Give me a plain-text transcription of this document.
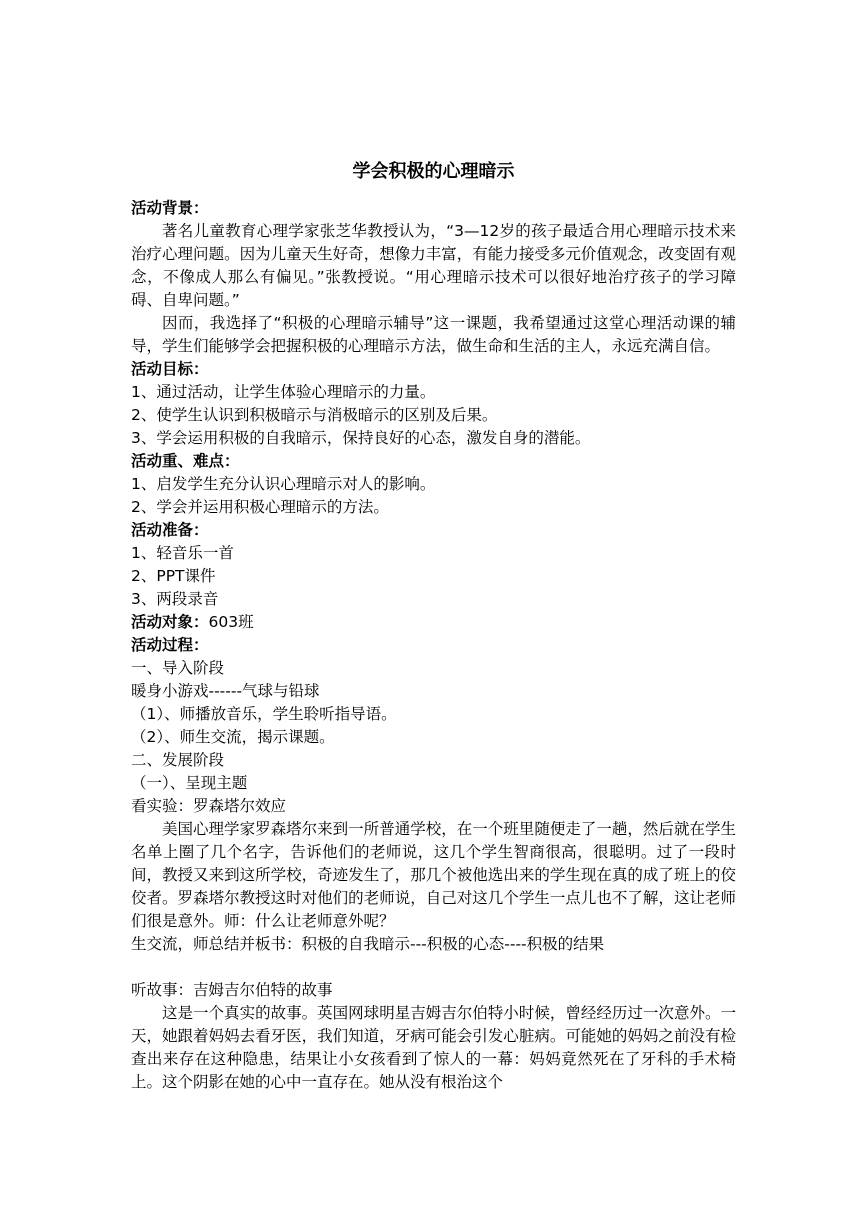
学会积极的心理暗示
活动背景：

著名儿童教育心理学家张芝华教授认为，“3—12岁的孩子最适合用心理暗示技术来治疗心理问题。因为儿童天生好奇，想像力丰富，有能力接受多元价值观念，改变固有观念，不像成人那么有偏见。”张教授说。“用心理暗示技术可以很好地治疗孩子的学习障碍、自卑问题。”

因而，我选择了“积极的心理暗示辅导”这一课题，我希望通过这堂心理活动课的辅导，学生们能够学会把握积极的心理暗示方法，做生命和生活的主人，永远充满自信。

活动目标：
1、通过活动，让学生体验心理暗示的力量。
2、使学生认识到积极暗示与消极暗示的区别及后果。
3、学会运用积极的自我暗示，保持良好的心态，激发自身的潜能。
活动重、难点：
1、启发学生充分认识心理暗示对人的影响。
2、学会并运用积极心理暗示的方法。
活动准备：
1、轻音乐一首
2、PPT课件
3、两段录音
活动对象：603班
活动过程：
一、导入阶段
暖身小游戏------气球与铅球
（1）、师播放音乐，学生聆听指导语。
（2）、师生交流，揭示课题。
二、发展阶段
（一）、呈现主题
看实验：罗森塔尔效应

美国心理学家罗森塔尔来到一所普通学校，在一个班里随便走了一趟，然后就在学生名单上圈了几个名字，告诉他们的老师说，这几个学生智商很高，很聪明。过了一段时间，教授又来到这所学校，奇迹发生了，那几个被他选出来的学生现在真的成了班上的佼佼者。罗森塔尔教授这时对他们的老师说，自己对这几个学生一点儿也不了解，这让老师们很是意外。师：什么让老师意外呢？

生交流，师总结并板书：积极的自我暗示---积极的心态----积极的结果
听故事：吉姆吉尔伯特的故事

这是一个真实的故事。英国网球明星吉姆吉尔伯特小时候，曾经经历过一次意外。一天，她跟着妈妈去看牙医，我们知道，牙病可能会引发心脏病。可能她的妈妈之前没有检查出来存在这种隐患，结果让小女孩看到了惊人的一幕：妈妈竟然死在了牙科的手术椅上。这个阴影在她的心中一直存在。她从没有根治这个
